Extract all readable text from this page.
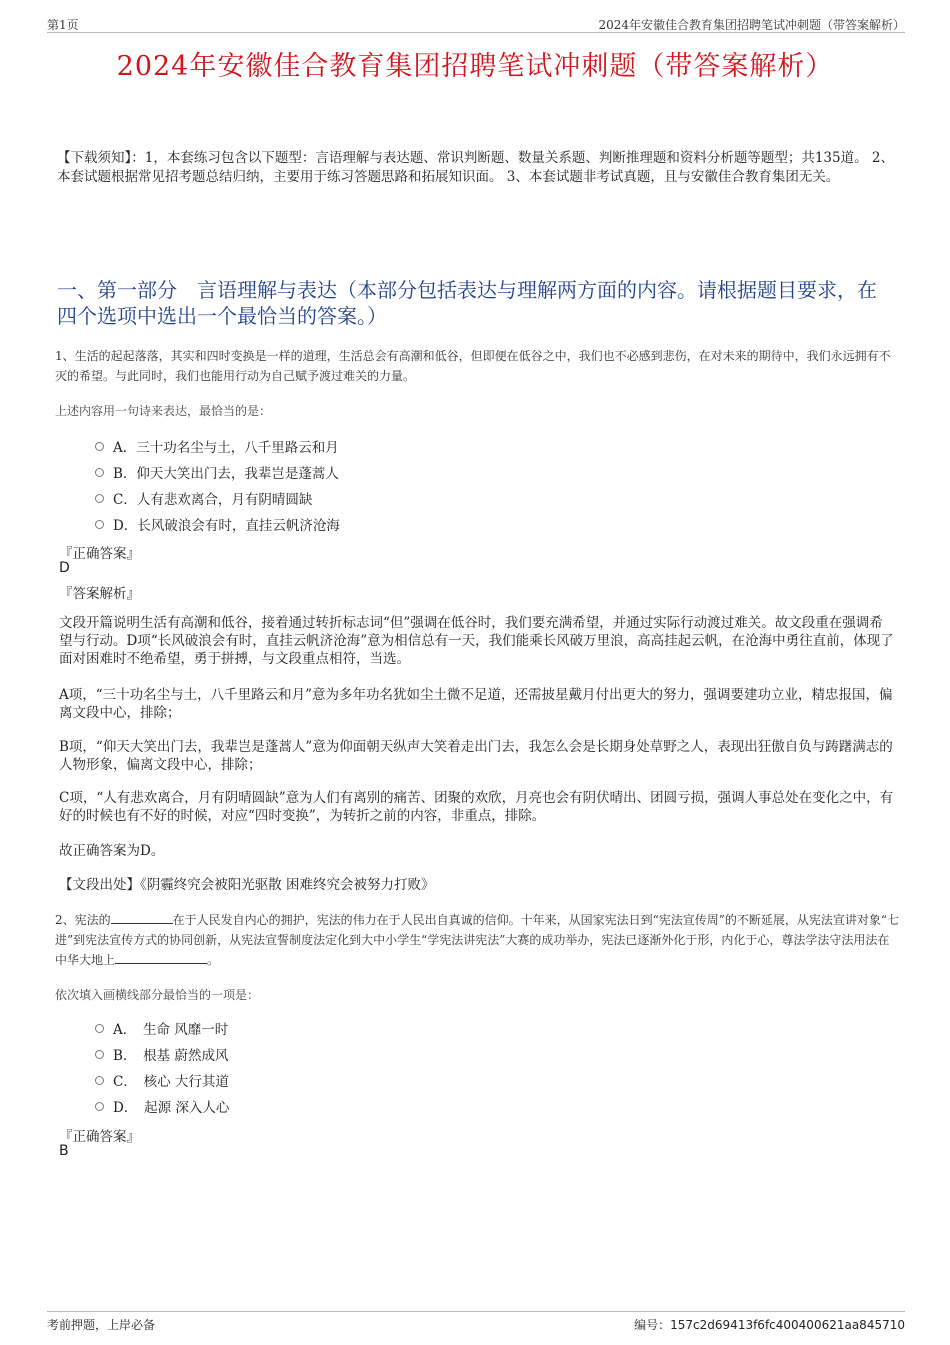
第1页	2024年安徽佳合教育集团招聘笔试冲刺题（带答案解析）
2024年安徽佳合教育集团招聘笔试冲刺题（带答案解析）
【下载须知】：1，本套练习包含以下题型：言语理解与表达题、常识判断题、数量关系题、判断推理题和资料分析题等题型；共135道。 2、本套试题根据常见招考题总结归纳，主要用于练习答题思路和拓展知识面。 3、本套试题非考试真题，且与安徽佳合教育集团无关。
一、第一部分　言语理解与表达（本部分包括表达与理解两方面的内容。请根据题目要求，在四个选项中选出一个最恰当的答案。）
1、生活的起起落落，其实和四时变换是一样的道理，生活总会有高潮和低谷，但即便在低谷之中，我们也不必感到悲伤，在对未来的期待中，我们永远拥有不灭的希望。与此同时，我们也能用行动为自己赋予渡过难关的力量。
上述内容用一句诗来表达，最恰当的是：
A．三十功名尘与土，八千里路云和月
B．仰天大笑出门去，我辈岂是蓬蒿人
C．人有悲欢离合，月有阴晴圆缺
D．长风破浪会有时，直挂云帆济沧海
『正确答案』
D
『答案解析』
文段开篇说明生活有高潮和低谷，接着通过转折标志词“但”强调在低谷时，我们要充满希望，并通过实际行动渡过难关。故文段重在强调希望与行动。D项“长风破浪会有时，直挂云帆济沧海”意为相信总有一天，我们能乘长风破万里浪，高高挂起云帆，在沧海中勇往直前，体现了面对困难时不绝希望，勇于拼搏，与文段重点相符，当选。
A项，“三十功名尘与土，八千里路云和月”意为多年功名犹如尘土微不足道，还需披星戴月付出更大的努力，强调要建功立业，精忠报国，偏离文段中心，排除；
B项，“仰天大笑出门去，我辈岂是蓬蒿人”意为仰面朝天纵声大笑着走出门去，我怎么会是长期身处草野之人，表现出狂傲自负与踌躇满志的人物形象，偏离文段中心，排除；
C项，“人有悲欢离合，月有阴晴圆缺”意为人们有离别的痛苦、团聚的欢欣，月亮也会有阴伏晴出、团圆亏损，强调人事总处在变化之中，有好的时候也有不好的时候，对应“四时变换”，为转折之前的内容，非重点，排除。
故正确答案为D。
【文段出处】《阴霾终究会被阳光驱散 困难终究会被努力打败》
2、宪法的	在于人民发自内心的拥护，宪法的伟力在于人民出自真诚的信仰。十年来，从国家宪法日到“宪法宣传周”的不断延展，从宪法宣讲对象“七进”到宪法宣传方式的协同创新，从宪法宣誓制度法定化到大中小学生“学宪法讲宪法”大赛的成功举办，宪法已逐渐外化于形，内化于心，尊法学法守法用法在中华大地上	。
依次填入画横线部分最恰当的一项是：
A．　生命 风靡一时
B．　根基 蔚然成风
C．　核心 大行其道
D．　起源 深入人心
『正确答案』
B
考前押题，上岸必备	编号：157c2d69413f6fc400400621aa845710
